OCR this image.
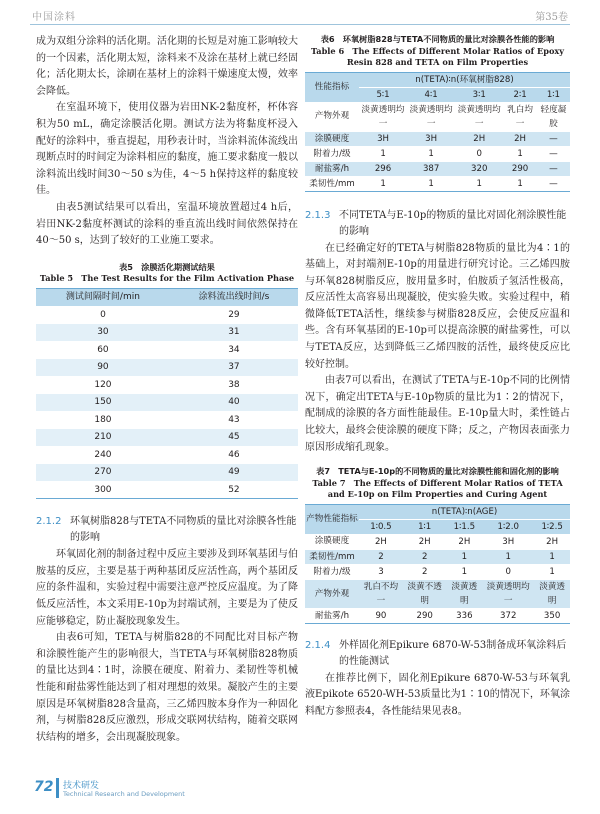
中国涂料	第35卷

成为双组分涂料的活化期。活化期的长短是对施工影响较大的一个因素，活化期太短，涂料来不及涂在基材上就已经固化；活化期太长，涂刷在基材上的涂料干燥速度太慢，效率会降低。

在室温环境下，使用仪器为岩田NK-2黏度杯，杯体容积为50 mL，确定涂膜活化期。测试方法为将黏度杯浸入配好的涂料中，垂直提起，用秒表计时，当涂料流体流线出现断点时的时间定为涂料相应的黏度，施工要求黏度一般以涂料流出线时间30～50 s为佳，4～5 h保持这样的黏度较佳。

由表5测试结果可以看出，室温环境放置超过4 h后，岩田NK-2黏度杯测试的涂料的垂直流出线时间依然保持在40～50 s，达到了较好的工业施工要求。

表5　涂膜活化期测试结果
Table 5　The Test Results for the Film Activation Phase
测试间隔时间/min	涂料流出线时间/s
0	29
30	31
60	34
90	37
120	38
150	40
180	43
210	45
240	46
270	49
300	52
2.1.2 环氧树脂828与TETA不同物质的量比对涂膜各性能的影响

环氧固化剂的制备过程中反应主要涉及到环氧基团与伯胺基的反应，主要是基于两种基团反应活性高，两个基团反应的条件温和，实验过程中需要注意严控反应温度。为了降低反应活性，本文采用E-10p为封端试剂，主要是为了使反应能够稳定，防止凝胶现象发生。

由表6可知，TETA与树脂828的不同配比对目标产物和涂膜性能产生的影响很大，当TETA与环氧树脂828物质的量比达到4∶1时，涂膜在硬度、附着力、柔韧性等机械性能和耐盐雾性能达到了相对理想的效果。凝胶产生的主要原因是环氧树脂828含量高，三乙烯四胺本身作为一种固化剂，与树脂828反应激烈，形成交联网状结构，随着交联网状结构的增多，会出现凝胶现象。

表6　环氧树脂828与TETA不同物质的量比对涂膜各性能的影响
Table 6　The Effects of Different Molar Ratios of Epoxy Resin 828 and TETA on Film Properties
性能指标	n(TETA)∶n(环氧树脂828)				
	5∶1	4∶1	3∶1	2∶1	1∶1
产物外观	淡黄透明均一	淡黄透明均一	淡黄透明均一	乳白均一	轻度凝胶
涂膜硬度	3H	3H	2H	2H	—
附着力/级	1	1	0	1	—
耐盐雾/h	296	387	320	290	—
柔韧性/mm	1	1	1	1	—
2.1.3 不同TETA与E-10p的物质的量比对固化剂涂膜性能的影响

在已经确定好的TETA与树脂828物质的量比为4∶1的基础上，对封端剂E-10p的用量进行研究讨论。三乙烯四胺与环氧828树脂反应，胺用量多时，伯胺质子氢活性极高，反应活性太高容易出现凝胶，使实验失败。实验过程中，稍微降低TETA活性，继续参与树脂828反应，会使反应温和些。含有环氧基团的E-10p可以提高涂膜的耐盐雾性，可以与TETA反应，达到降低三乙烯四胺的活性，最终使反应比较好控制。

由表7可以看出，在测试了TETA与E-10p不同的比例情况下，确定出TETA与E-10p物质的量比为1∶2的情况下，配制成的涂膜的各方面性能最佳。E-10p量大时，柔性链占比较大，最终会使涂膜的硬度下降；反之，产物因表面张力原因形成缩孔现象。

表7　TETA与E-10p的不同物质的量比对涂膜性能和固化剂的影响
Table 7　The Effects of Different Molar Ratios of TETA and E-10p on Film Properties and Curing Agent
产物性能指标	n(TETA)∶n(AGE)				
	1∶0.5	1∶1	1∶1.5	1∶2.0	1∶2.5
涂膜硬度	2H	2H	2H	3H	2H
柔韧性/mm	2	2	1	1	1
附着力/级	3	2	1	0	1
产物外观	乳白不均一	淡黄不透明	淡黄透明	淡黄透明均一	淡黄透明
耐盐雾/h	90	290	336	372	350
2.1.4 外样固化剂Epikure 6870-W-53制备成环氧涂料后的性能测试

在推荐比例下，固化剂Epikure 6870-W-53与环氧乳液Epikote 6520-WH-53质量比为1∶10的情况下，环氧涂料配方参照表4，各性能结果见表8。

72 技术研发
Technical Research and Development
